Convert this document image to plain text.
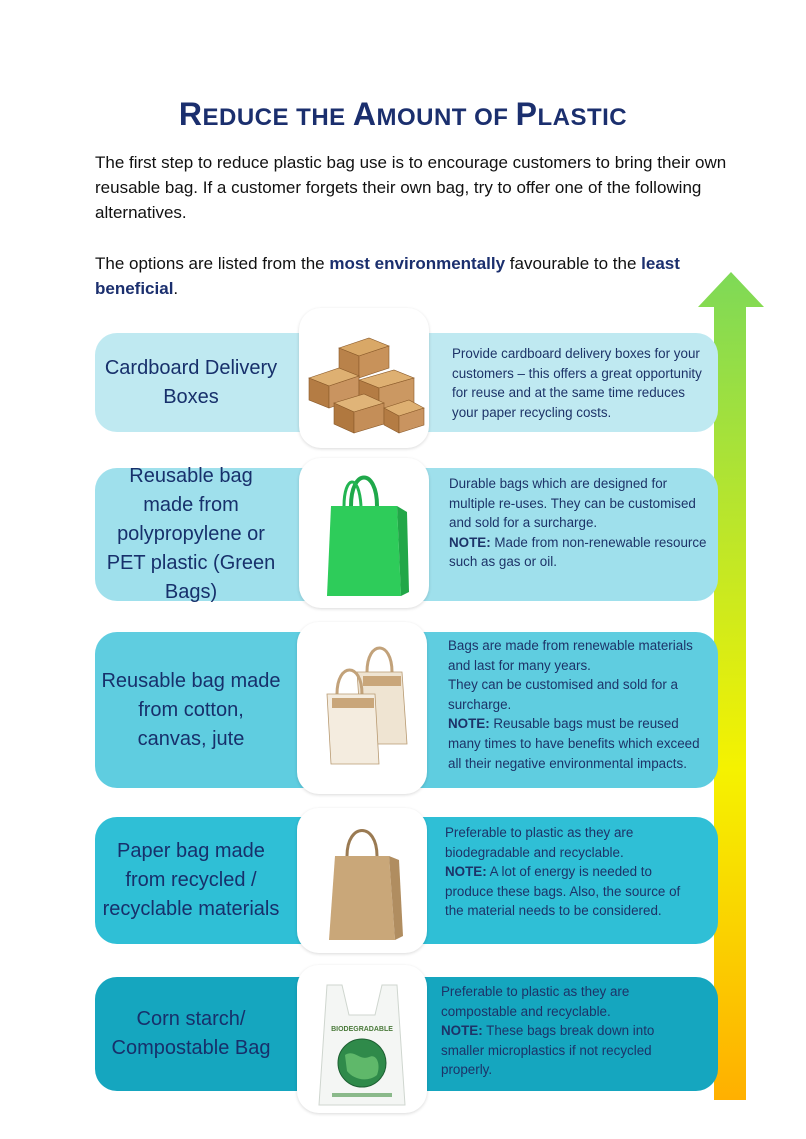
REDUCE THE AMOUNT OF PLASTIC
The first step to reduce plastic bag use is to encourage customers to bring their own reusable bag. If a customer forgets their own bag, try to offer one of the following alternatives.
The options are listed from the most environmentally favourable to the least beneficial.
Cardboard Delivery Boxes
Provide cardboard delivery boxes for your
customers – this offers a great opportunity
for reuse and at the same time reduces
your paper recycling costs.
Reusable bag made from polypropylene or PET plastic (Green Bags)
Durable bags which are designed for
multiple re-uses. They can be customised
and sold for a surcharge.
NOTE: Made from non-renewable resource
such as gas or oil.
Reusable bag made from cotton, canvas, jute
Bags are made from renewable materials
and last for many years.
They can be customised and sold for a
surcharge.
NOTE: Reusable bags must be reused
many times to have benefits which exceed
all their negative environmental impacts.
Paper bag made from recycled / recyclable materials
Preferable to plastic as they are
biodegradable and recyclable.
NOTE: A lot of energy is needed to
produce these bags. Also, the source of
the material needs to be considered.
Corn starch/ Compostable Bag
BIODEGRADABLE
Preferable to plastic as they are
compostable and recyclable.
NOTE: These bags break down into
smaller microplastics if not recycled
properly.
